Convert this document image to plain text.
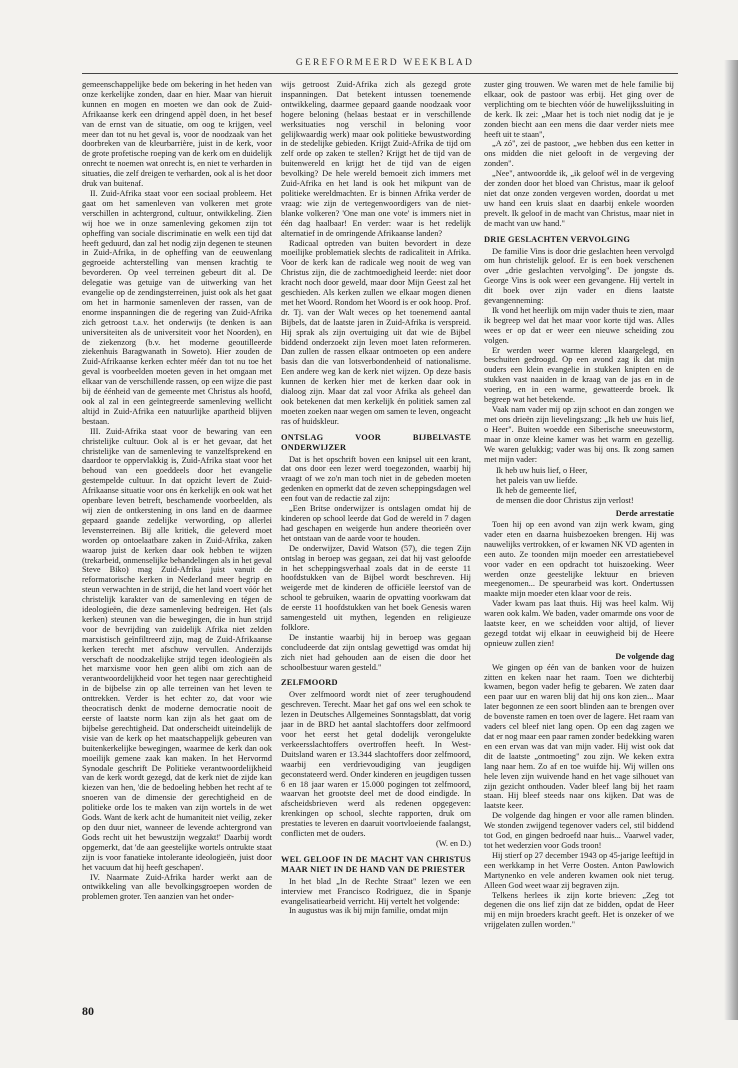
GEREFORMEERD WEEKBLAD

gemeenschappelijke bede om bekering in het heden van onze kerkelijke zonden, daar en hier. Maar van hieruit kunnen en mogen en moeten we dan ook de Zuid-Afrikaanse kerk een dringend appèl doen, in het besef van de ernst van de situatie, om oog te krijgen, veel meer dan tot nu het geval is, voor de noodzaak van het doorbreken van de kleurbarrière, juist in de kerk, voor de grote profetische roeping van de kerk om en duidelijk onrecht te noemen wat onrecht is, en niet te verharden in situaties, die zelf dreigen te verharden, ook al is het door druk van buitenaf.

II. Zuid-Afrika staat voor een sociaal probleem. Het gaat om het samenleven van volkeren met grote verschillen in achtergrond, cultuur, ontwikkeling. Zien wij hoe we in onze samenleving gekomen zijn tot opheffing van sociale discriminatie en welk een tijd dat heeft geduurd, dan zal het nodig zijn degenen te steunen in Zuid-Afrika, in de opheffing van de eeuwenlang gegroeide achterstelling van mensen krachtig te bevorderen. Op veel terreinen gebeurt dit al. De delegatie was getuige van de uitwerking van het evangelie op de zendingsterreinen, juist ook als het gaat om het in harmonie samenleven der rassen, van de enorme inspanningen die de regering van Zuid-Afrika zich getroost t.a.v. het onderwijs (te denken is aan universiteiten als de universiteit voor het Noorden), en de ziekenzorg (b.v. het moderne geoutilleerde ziekenhuis Baragwanath in Soweto). Hier zouden de Zuid-Afrikaanse kerken echter méér dan tot nu toe het geval is voorbeelden moeten geven in het omgaan met elkaar van de verschillende rassen, op een wijze die past bij de éénheid van de gemeente met Christus als hoofd, ook al zal in een geïntegreerde samenleving wellicht altijd in Zuid-Afrika een natuurlijke apartheid blijven bestaan.

III. Zuid-Afrika staat voor de bewaring van een christelijke cultuur. Ook al is er het gevaar, dat het christelijke van de samenleving te vanzelfsprekend en daardoor te oppervlakkig is, Zuid-Afrika staat voor het behoud van een goeddeels door het evangelie gestempelde cultuur. In dat opzicht levert de Zuid-Afrikaanse situatie voor ons én kerkelijk en ook wat het openbare leven betreft, beschamende voorbeelden, als wij zien de ontkerstening in ons land en de daarmee gepaard gaande zedelijke verwording, op allerlei levensterreinen. Bij alle kritiek, die geleverd moet worden op ontoelaatbare zaken in Zuid-Afrika, zaken waarop juist de kerken daar ook hebben te wijzen (trekarbeid, onmenselijke behandelingen als in het geval Steve Biko) mag Zuid-Afrika juist vanuit de reformatorische kerken in Nederland meer begrip en steun verwachten in de strijd, die het land voert vóór het christelijk karakter van de samenleving en tégen de ideologieën, die deze samenleving bedreigen. Het (als kerken) steunen van die bewegingen, die in hun strijd voor de bevrijding van zuidelijk Afrika niet zelden marxistisch geïnfiltreerd zijn, mag de Zuid-Afrikaanse kerken terecht met afschuw vervullen. Anderzijds verschaft de noodzakelijke strijd tegen ideologieën als het marxisme voor hen geen alibi om zich aan de verantwoordelijkheid voor het tegen naar gerechtigheid in de bijbelse zin op alle terreinen van het leven te onttrekken. Verder is het echter zo, dat voor wie theocratisch denkt de moderne democratie nooit de eerste of laatste norm kan zijn als het gaat om de bijbelse gerechtigheid. Dat onderscheidt uiteindelijk de visie van de kerk op het maatschappelijk gebeuren van buitenkerkelijke bewegingen, waarmee de kerk dan ook moeilijk gemene zaak kan maken. In het Hervormd Synodale geschrift De Politieke verantwoordelijkheid van de kerk wordt gezegd, dat de kerk niet de zijde kan kiezen van hen, 'die de bedoeling hebben het recht af te snoeren van de dimensie der gerechtigheid en de politieke orde los te maken van zijn wortels in de wet Gods. Want de kerk acht de humaniteit niet veilig, zeker op den duur niet, wanneer de levende achtergrond van Gods recht uit het bewustzijn wegzakt!' Daarbij wordt opgemerkt, dat 'de aan geestelijke wortels ontrukte staat zijn is voor fanatieke intolerante ideologieën, juist door het vacuum dat hij heeft geschapen'.

IV. Naarmate Zuid-Afrika harder werkt aan de ontwikkeling van alle bevolkingsgroepen worden de problemen groter. Ten aanzien van het onder-

wijs getroost Zuid-Afrika zich als gezegd grote inspanningen. Dat betekent intussen toenemende ontwikkeling, daarmee gepaard gaande noodzaak voor hogere beloning (helaas bestaat er in verschillende werksituaties nog verschil in beloning voor gelijkwaardig werk) maar ook politieke bewustwording in de stedelijke gebieden. Krijgt Zuid-Afrika de tijd om zelf orde op zaken te stellen? Krijgt het de tijd van de buitenwereld en krijgt het de tijd van de eigen bevolking? De hele wereld bemoeit zich immers met Zuid-Afrika en het land is ook het mikpunt van de politieke wereldmachten. Er is binnen Afrika verder de vraag: wie zijn de vertegenwoordigers van de niet-blanke volkeren? 'One man one vote' is immers niet in één dag haalbaar! En verder: waar is het redelijk alternatief in de omringende Afrikaanse landen?

Radicaal optreden van buiten bevordert in deze moeilijke problematiek slechts de radicaliteit in Afrika. Voor de kerk kan de radicale weg nooit de weg van Christus zijn, die de zachtmoedigheid leerde: niet door kracht noch door geweld, maar door Mijn Geest zal het geschieden. Als kerken zullen we elkaar mogen dienen met het Woord. Rondom het Woord is er ook hoop. Prof. dr. Tj. van der Walt weces op het toenemend aantal Bijbels, dat de laatste jaren in Zuid-Afrika is verspreid. Hij sprak als zijn overtuiging uit dat wie de Bijbel biddend onderzoekt zijn leven moet laten reformeren. Dan zullen de rassen elkaar ontmoeten op een andere basis dan die van lotsverbondenheid of nationalisme. Een andere weg kan de kerk niet wijzen. Op deze basis kunnen de kerken hier met de kerken daar ook in dialoog zijn. Maar dat zal voor Afrika als geheel dan ook betekenen dat men kerkelijk én politiek samen zal moeten zoeken naar wegen om samen te leven, ongeacht ras of huidskleur.

ONTSLAG VOOR BIJBELVASTE ONDERWIJZER

Dat is het opschrift boven een knipsel uit een krant, dat ons door een lezer werd toegezonden, waarbij hij vraagt of we zo'n man toch niet in de gebeden moeten gedenken en opmerkt dat de zeven scheppingsdagen wel een fout van de redactie zal zijn:

„Een Britse onderwijzer is ontslagen omdat hij de kinderen op school leerde dat God de wereld in 7 dagen had geschapen en weigerde hun andere theorieën over het ontstaan van de aarde voor te houden.

De onderwijzer, David Watson (57), die tegen Zijn ontslag in beroep was gegaan, zei dat hij vast geloofde in het scheppingsverhaal zoals dat in de eerste 11 hoofdstukken van de Bijbel wordt beschreven. Hij weigerde met de kinderen de officiële leerstof van de school te gebruiken, waarin de opvatting voorkwam dat de eerste 11 hoofdstukken van het boek Genesis waren samengesteld uit mythen, legenden en religieuze folklore.

De instantie waarbij hij in beroep was gegaan concludeerde dat zijn ontslag gewettigd was omdat hij zich niet had gehouden aan de eisen die door het schoolbestuur waren gesteld."

ZELFMOORD

Over zelfmoord wordt niet of zeer terughoudend geschreven. Terecht. Maar het gaf ons wel een schok te lezen in Deutsches Allgemeines Sonntagsblatt, dat vorig jaar in de BRD het aantal slachtoffers door zelfmoord voor het eerst het getal dodelijk verongelukte verkeersslachtoffers overtroffen heeft. In West-Duitsland waren er 13.344 slachtoffers door zelfmoord, waarbij een verdrievoudiging van jeugdigen geconstateerd werd. Onder kinderen en jeugdigen tussen 6 en 18 jaar waren er 15.000 pogingen tot zelfmoord, waarvan het grootste deel met de dood eindigde. In afscheidsbrieven werd als redenen opgegeven: krenkingen op school, slechte rapporten, druk om prestaties te leveren en daaruit voortvloeiende faalangst, conflicten met de ouders.

(W. en D.)
WEL GELOOF IN DE MACHT VAN CHRISTUS MAAR NIET IN DE HAND VAN DE PRIESTER

In het blad „In de Rechte Straat" lezen we een interview met Francisco Rodriguez, die in Spanje evangelisatiearbeid verricht. Hij vertelt het volgende:

In augustus was ik bij mijn familie, omdat mijn

zuster ging trouwen. We waren met de hele familie bij elkaar, ook de pastoor was erbij. Het ging over de verplichting om te biechten vóór de huwelijkssluiting in de kerk. Ik zei: „Maar het is toch niet nodig dat je je zonden biecht aan een mens die daar verder niets mee heeft uit te staan",

„A zó", zei de pastoor, „we hebben dus een ketter in ons midden die niet gelooft in de vergeving der zonden".

„Nee", antwoordde ik, „ik geloof wél in de vergeving der zonden door het bloed van Christus, maar ik geloof niet dat onze zonden vergeven worden, doordat u met uw hand een kruis slaat en daarbij enkele woorden prevelt. Ik geloof in de macht van Christus, maar niet in de macht van uw hand."

DRIE GESLACHTEN VERVOLGING

De familie Vins is door drie geslachten heen vervolgd om hun christelijk geloof. Er is een boek verschenen over „drie geslachten vervolging". De jongste ds. George Vins is ook weer een gevangene. Hij vertelt in dit boek over zijn vader en diens laatste gevangenneming:

Ik vond het heerlijk om mijn vader thuis te zien, maar ik begreep wel dat het maar voor korte tijd was. Alles wees er op dat er weer een nieuwe scheiding zou volgen.

Er werden weer warme kleren klaargelegd, en beschuiten gedroogd. Op een avond zag ik dat mijn ouders een klein evangelie in stukken knipten en de stukken vast naaiden in de kraag van de jas en in de voering, en in een warme, gewatteerde broek. Ik begreep wat het betekende.

Vaak nam vader mij op zijn schoot en dan zongen we met ons drieën zijn lievelingszang: „Ik heb uw huis lief, o Heer". Buiten woedde een Siberische sneeuwstorm, maar in onze kleine kamer was het warm en gezellig. We waren gelukkig; vader was bij ons. Ik zong samen met mijn vader:

Ik heb uw huis lief, o Heer,
het paleis van uw liefde.
Ik heb de gemeente lief,
de mensen die door Christus zijn verlost!
Derde arrestatie

Toen hij op een avond van zijn werk kwam, ging vader eten en daarna huisbezoeken brengen. Hij was nauwelijks vertrokken, of er kwamen NK VD agenten in een auto. Ze toonden mijn moeder een arrestatiebevel voor vader en een opdracht tot huiszoeking. Weer werden onze geestelijke lektuur en brieven meegenomen... De speurarbeid was kort. Ondertussen maakte mijn moeder eten klaar voor de reis.

Vader kwam pas laat thuis. Hij was heel kalm. Wij waren ook kalm. We baden, vader omarmde ons voor de laatste keer, en we scheidden voor altijd, of liever gezegd totdat wij elkaar in eeuwigheid bij de Heere opnieuw zullen zien!

De volgende dag

We gingen op één van de banken voor de huizen zitten en keken naar het raam. Toen we dichterbij kwamen, begon vader hefig te gebaren. We zaten daar een paar uur en waren blij dat hij ons kon zien... Maar later begonnen ze een soort blinden aan te brengen over de bovenste ramen en toen over de lagere. Het raam van vaders cel bleef niet lang open. Op een dag zagen we dat er nog maar een paar ramen zonder bedekking waren en een ervan was dat van mijn vader. Hij wist ook dat dit de laatste „ontmoeting" zou zijn. We keken extra lang naar hem. Zo af en toe wuifde hij. Wij willen ons hele leven zijn wuivende hand en het vage silhouet van zijn gezicht onthouden. Vader bleef lang bij het raam staan. Hij bleef steeds naar ons kijken. Dat was de laatste keer.

De volgende dag hingen er voor alle ramen blinden. We stonden zwijgend tegenover vaders cel, stil biddend tot God, en gingen bedroefd naar huis... Vaarwel vader, tot het wederzien voor Gods troon!

Hij stierf op 27 december 1943 op 45-jarige leeftijd in een werkkamp in het Verre Oosten. Anton Pawlowich Martynenko en vele anderen kwamen ook niet terug. Alleen God weet waar zij begraven zijn.

Telkens herlees ik zijn korte brieven: „Zeg tot degenen die ons lief zijn dat ze bidden, opdat de Heer mij en mijn broeders kracht geeft. Het is onzeker of we vrijgelaten zullen worden."

80
